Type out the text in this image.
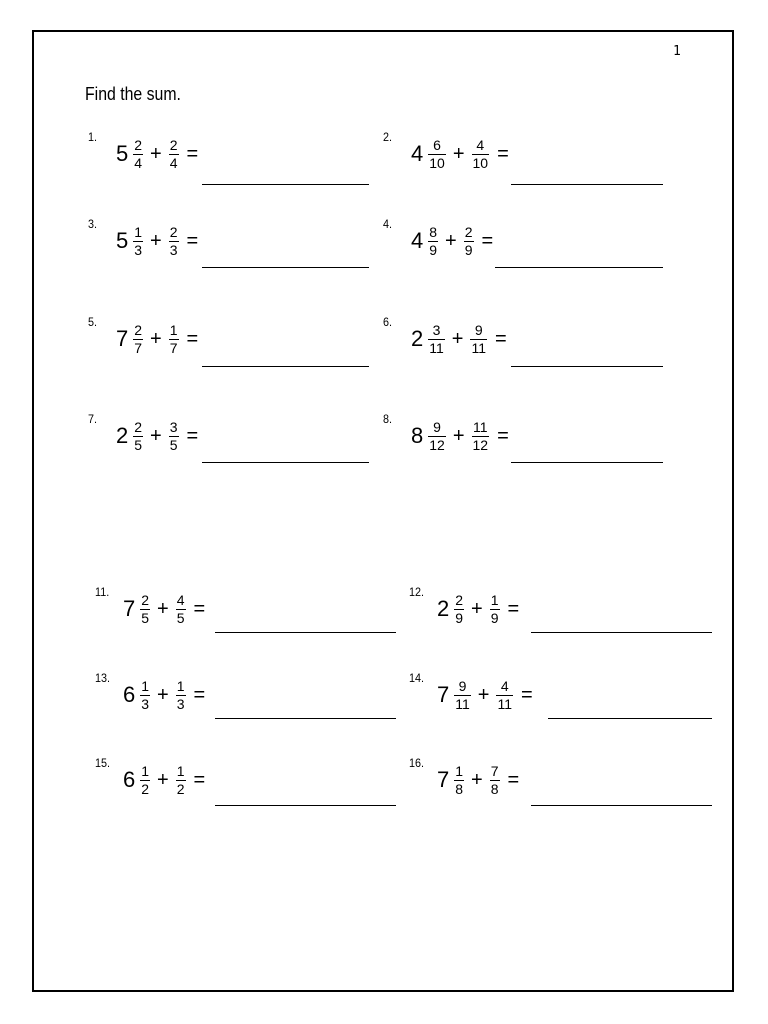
1
Find the sum.
1.
$5 \frac{2}{4} + \frac{2}{4}$ =
2.
$4 \frac{6}{10} + \frac{4}{10}$ =
3.
$5 \frac{1}{3} + \frac{2}{3}$ =
4.
$4 \frac{8}{9} + \frac{2}{9}$ =
5.
$7 \frac{2}{7} + \frac{1}{7}$ =
6.
$2 \frac{3}{11} + \frac{9}{11}$ =
7.
$2 \frac{2}{5} + \frac{3}{5}$ =
8.
$8 \frac{9}{12} + \frac{11}{12}$ =
11.
$7 \frac{2}{5} + \frac{4}{5}$ =
12.
$2 \frac{2}{9} + \frac{1}{9}$ =
13.
$6 \frac{1}{3} + \frac{1}{3}$ =
14.
$7 \frac{9}{11} + \frac{4}{11}$ =
15.
$6 \frac{1}{2} + \frac{1}{2}$ =
16.
$7 \frac{1}{8} + \frac{7}{8}$ =
